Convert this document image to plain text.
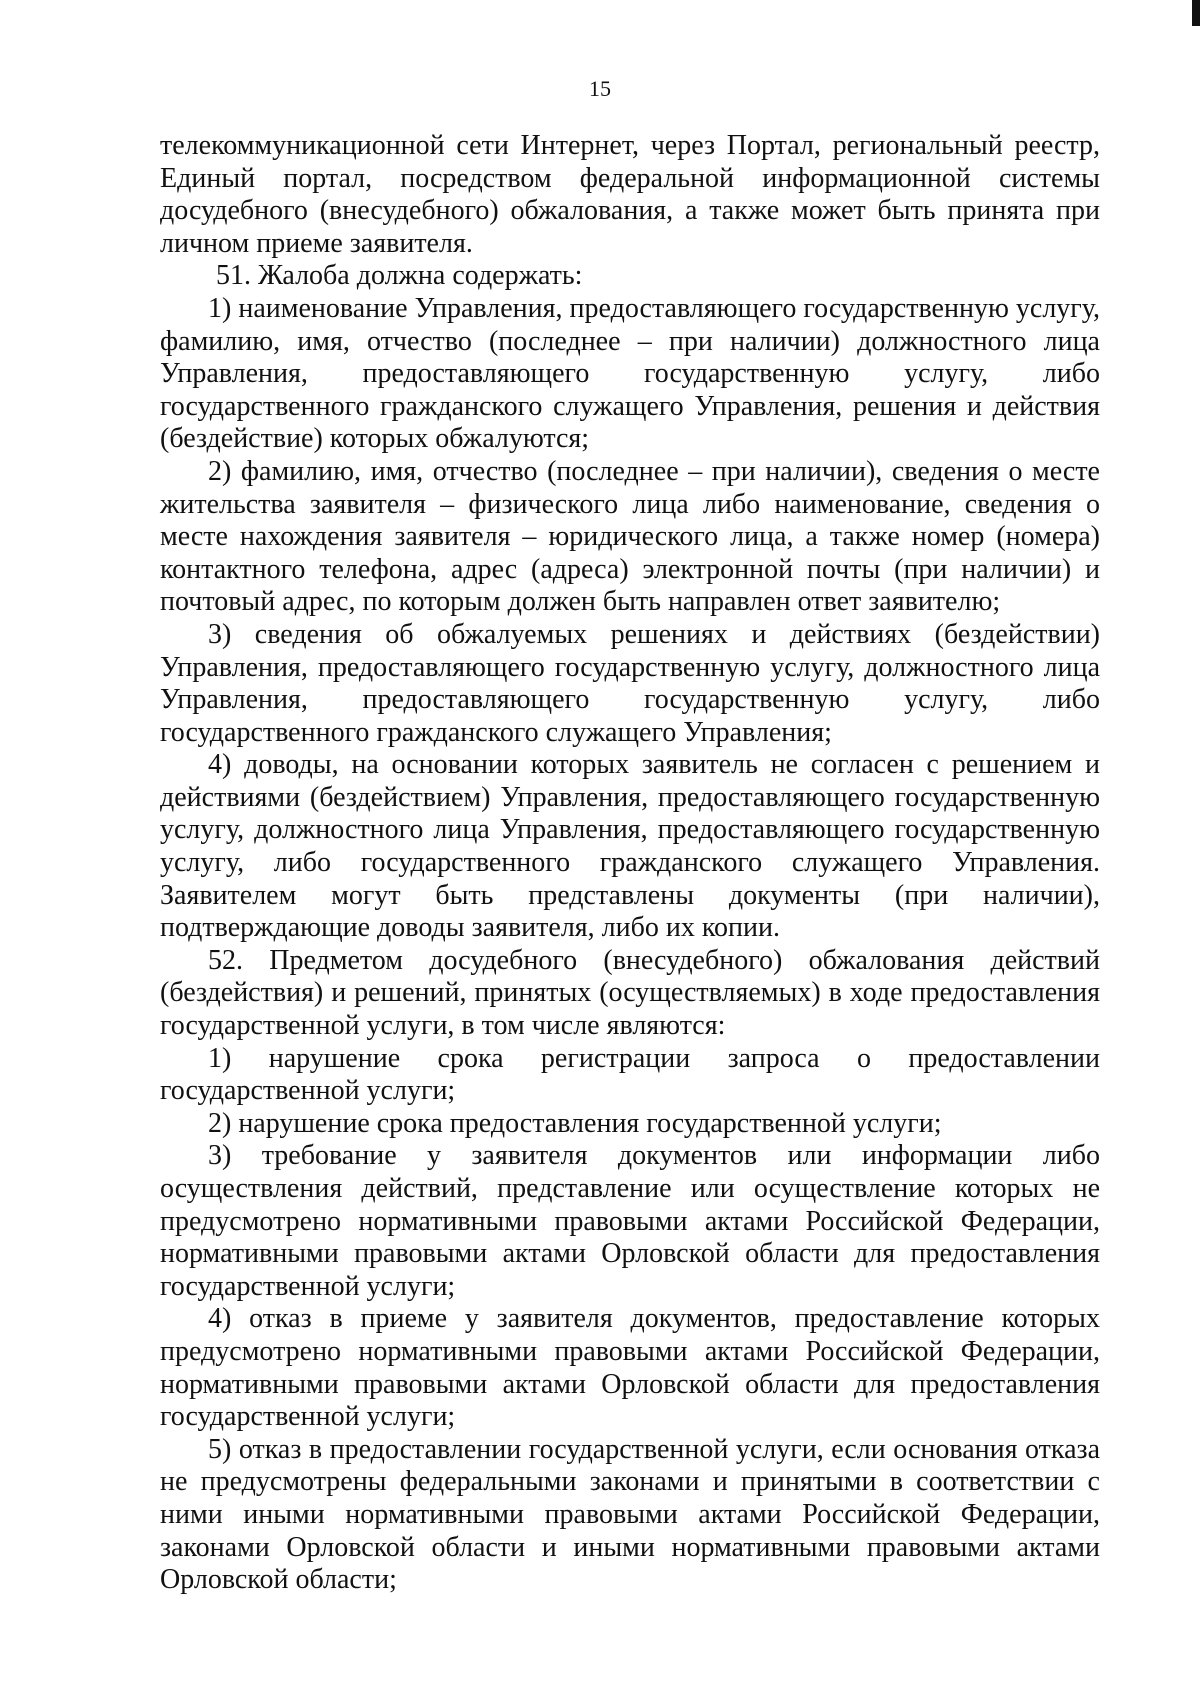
15

телекоммуникационной сети Интернет, через Портал, региональный реестр, Единый портал, посредством федеральной информационной системы досудебного (внесудебного) обжалования, а также может быть принята при личном приеме заявителя.

51. Жалоба должна содержать:

1) наименование Управления, предоставляющего государственную услугу, фамилию, имя, отчество (последнее – при наличии) должностного лица Управления, предоставляющего государственную услугу, либо государственного гражданского служащего Управления, решения и действия (бездействие) которых обжалуются;

2) фамилию, имя, отчество (последнее – при наличии), сведения о месте жительства заявителя – физического лица либо наименование, сведения о месте нахождения заявителя – юридического лица, а также номер (номера) контактного телефона, адрес (адреса) электронной почты (при наличии) и почтовый адрес, по которым должен быть направлен ответ заявителю;

3) сведения об обжалуемых решениях и действиях (бездействии) Управления, предоставляющего государственную услугу, должностного лица Управления, предоставляющего государственную услугу, либо государственного гражданского служащего Управления;

4) доводы, на основании которых заявитель не согласен с решением и действиями (бездействием) Управления, предоставляющего государственную услугу, должностного лица Управления, предоставляющего государственную услугу, либо государственного гражданского служащего Управления. Заявителем могут быть представлены документы (при наличии), подтверждающие доводы заявителя, либо их копии.

52. Предметом досудебного (внесудебного) обжалования действий (бездействия) и решений, принятых (осуществляемых) в ходе предоставления государственной услуги, в том числе являются:

1) нарушение срока регистрации запроса о предоставлении государственной услуги;

2) нарушение срока предоставления государственной услуги;

3) требование у заявителя документов или информации либо осуществления действий, представление или осуществление которых не предусмотрено нормативными правовыми актами Российской Федерации, нормативными правовыми актами Орловской области для предоставления государственной услуги;

4) отказ в приеме у заявителя документов, предоставление которых предусмотрено нормативными правовыми актами Российской Федерации, нормативными правовыми актами Орловской области для предоставления государственной услуги;

5) отказ в предоставлении государственной услуги, если основания отказа не предусмотрены федеральными законами и принятыми в соответствии с ними иными нормативными правовыми актами Российской Федерации, законами Орловской области и иными нормативными правовыми актами Орловской области;
